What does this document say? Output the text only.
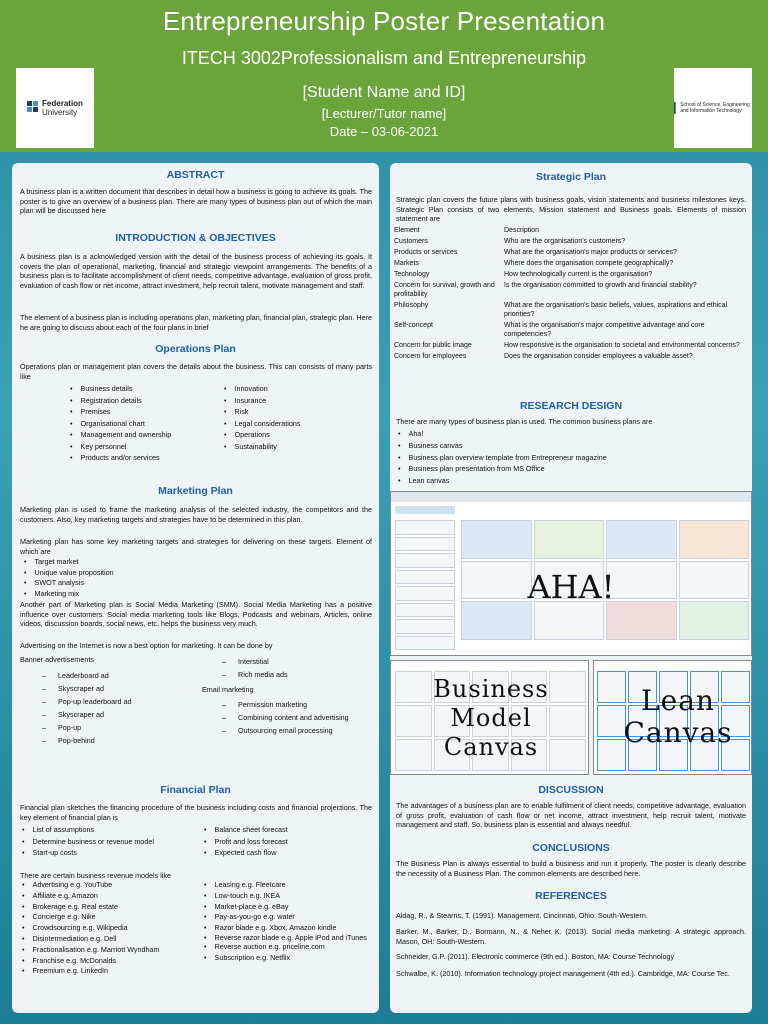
Entrepreneurship Poster Presentation
ITECH 3002Professionalism and Entrepreneurship
[Student Name and ID]
[Lecturer/Tutor name]
Date – 03-06-2021
Federation
University
School of Science, Engineering and Information Technology
ABSTRACT
A business plan is a written document that describes in detail how a business is going to achieve its goals. The poster is to give an overview of a business plan. There are many types of business plan out of which the main plan will be discussed here
INTRODUCTION & OBJECTIVES
A business plan is a acknowledged version with the detail of the business process of achieving its goals. It covers the plan of operational, marketing, financial and strategic viewpoint arrangements. The benefits of a business plan is to facilitate accomplishment of client needs, competitive advantage, evaluation of gross profit, evaluation of cash flow or net income, attract investment, help recruit talent, motivate management and staff.
The element of a business plan is including operations plan, marketing plan, financial plan, strategic plan. Here he are going to discuss about each of the four plans in brief
Operations Plan
Operations plan or management plan covers the details about the business. This can consists of many parts like
• Business details
• Registration details
• Premises
• Organisational chart
• Management and ownership
• Key personnel
• Products and/or services
• Innovation
• Insurance
• Risk
• Legal considerations
• Operations
• Sustainability
Marketing Plan
Marketing plan is used to frame the marketing analysis of the selected industry, the competitors and the customers. Also, key marketing targets and strategies have to be determined in this plan.
Marketing plan has some key marketing targets and strategies for delivering on these targets. Element of which are
• Target market
• Unique value proposition
• SWOT analysis
• Marketing mix
Another part of Marketing plan is Social Media Marketing (SMM). Social Media Marketing has a positive influence over customers. Social media marketing tools like Blogs, Podcasts and webinars, Articles, online videos, discussion boards, social news, etc. helps the business very much.
Advertising on the Internet is now a best option for marketing. It can be done by
Banner advertisements
– Leaderboard ad
– Skyscraper ad
– Pop-up leaderboard ad
– Skyscraper ad
– Pop-up
– Pop-behind
– Interstitial
– Rich media ads
Email marketing
– Permission marketing
– Combining content and advertising
– Outsourcing email processing
Financial Plan
Financial plan sketches the financing procedure of the business including costs and financial projections. The key element of financial plan is
• List of assumptions
• Determine business or revenue model
• Start-up costs
• Balance sheet forecast
• Profit and loss forecast
• Expected cash flow
There are certain business revenue models like
• Advertising e.g. YouTube
• Affiliate e.g. Amazon
• Brokerage e.g. Real estate
• Concierge e.g. Nike
• Crowdsourcing e.g. Wikipedia
• Disintermediation e.g. Dell
• Fractionalisation e.g. Marriott Wyndham
• Franchise e.g. McDonalds
• Freemium e.g. LinkedIn
• Leasing e.g. Fleetcare
• Low-touch e.g. IKEA
• Market-place e.g. eBay
• Pay-as-you-go e.g. water
• Razor blade e.g. Xbox, Amazon kindle
• Reverse razor blade e.g. Apple iPod and iTunes
• Reverse auction e.g. priceline.com
• Subscription e.g. Netflix
Strategic Plan
Strategic plan covers the future plans with business goals, vision statements and business milestones keys. Strategic Plan consists of two elements, Mission statement and Business goals. Elements of mission statement are
Element	Description
Customers	Who are the organisation's customers?
Products or services	What are the organisation's major products or services?
Markets	Where does the organisation compete geographically?
Technology	How technologically current is the organisation?
Concern for survival, growth and profitability	Is the organisation committed to growth and financial stability?
Philosophy	What are the organisation's basic beliefs, values, aspirations and ethical priorities?
Self-concept	What is the organisation's major competitive advantage and core competencies?
Concern for public image	How responsive is the organisation to societal and environmental concerns?
Concern for employees	Does the organisation consider employees a valuable asset?
RESEARCH DESIGN
There are many types of business plan is used. The common business plans are
• Aha!
• Business canvas
• Business plan overview template from Entrepreneur magazine
• Business plan presentation from MS Office
• Lean canvas
AHA!
Business Model Canvas
Lean Canvas
DISCUSSION
The advantages of a business plan are to enable fulfilment of client needs, competitive advantage, evaluation of gross profit, evaluation of cash flow or net income, attract investment, help recruit talent, motivate management and staff. So, business plan is essential and always needful.
CONCLUSIONS
The Business Plan is always essential to build a business and run it properly. The poster is clearly describe the necessity of a Business Plan. The common elements are described here.
REFERENCES
Aldag, R., & Stearns, T. (1991). Management. Cincinnati, Ohio: South-Western.
Barker, M., Barker, D., Bormann, N., & Neher K. (2013). Social media marketing: A strategic approach. Mason, OH: South-Western.
Schneider, G.P. (2011). Electronic commerce (9th ed.). Boston, MA: Course Technology
Schwalbe, K. (2010). Information technology project management (4th ed.). Cambridge, MA: Course Tec.
